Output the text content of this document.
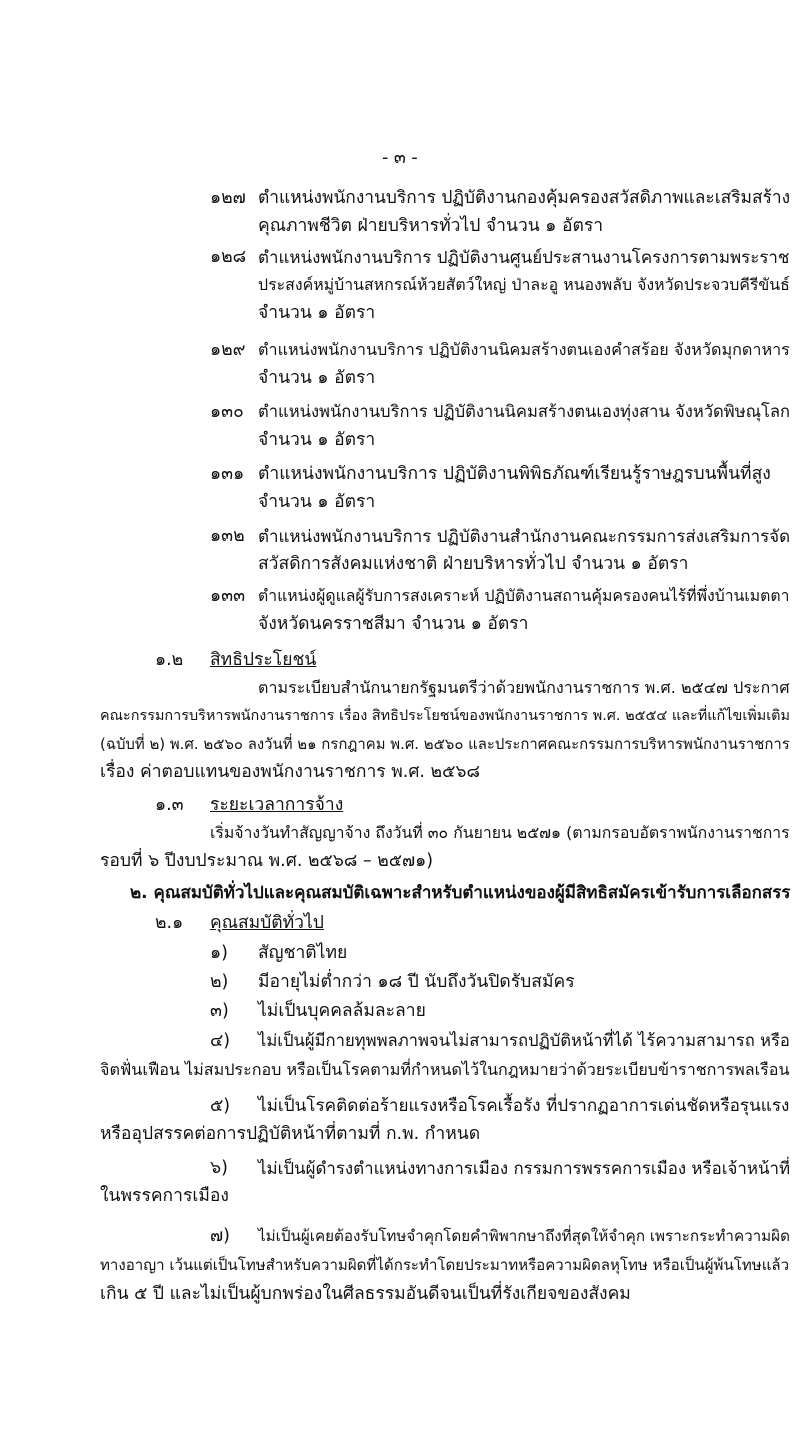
- ๓ -
๑๒๗ ตำแหน่งพนักงานบริการ ปฏิบัติงานกองคุ้มครองสวัสดิภาพและเสริมสร้าง
คุณภาพชีวิต ฝ่ายบริหารทั่วไป จำนวน ๑ อัตรา
๑๒๘ ตำแหน่งพนักงานบริการ ปฏิบัติงานศูนย์ประสานงานโครงการตามพระราช
ประสงค์หมู่บ้านสหกรณ์ห้วยสัตว์ใหญ่ ป่าละอู หนองพลับ จังหวัดประจวบคีรีขันธ์
จำนวน ๑ อัตรา
๑๒๙ ตำแหน่งพนักงานบริการ ปฏิบัติงานนิคมสร้างตนเองคำสร้อย จังหวัดมุกดาหาร
จำนวน ๑ อัตรา
๑๓๐ ตำแหน่งพนักงานบริการ ปฏิบัติงานนิคมสร้างตนเองทุ่งสาน จังหวัดพิษณุโลก
จำนวน ๑ อัตรา
๑๓๑ ตำแหน่งพนักงานบริการ ปฏิบัติงานพิพิธภัณฑ์เรียนรู้ราษฎรบนพื้นที่สูง
จำนวน ๑ อัตรา
๑๓๒ ตำแหน่งพนักงานบริการ ปฏิบัติงานสำนักงานคณะกรรมการส่งเสริมการจัด
สวัสดิการสังคมแห่งชาติ ฝ่ายบริหารทั่วไป จำนวน ๑ อัตรา
๑๓๓ ตำแหน่งผู้ดูแลผู้รับการสงเคราะห์ ปฏิบัติงานสถานคุ้มครองคนไร้ที่พึ่งบ้านเมตตา
จังหวัดนครราชสีมา จำนวน ๑ อัตรา
๑.๒ สิทธิประโยชน์
ตามระเบียบสำนักนายกรัฐมนตรีว่าด้วยพนักงานราชการ พ.ศ. ๒๕๔๗ ประกาศ
คณะกรรมการบริหารพนักงานราชการ เรื่อง สิทธิประโยชน์ของพนักงานราชการ พ.ศ. ๒๕๕๔ และที่แก้ไขเพิ่มเติม
(ฉบับที่ ๒) พ.ศ. ๒๕๖๐ ลงวันที่ ๒๑ กรกฎาคม พ.ศ. ๒๕๖๐ และประกาศคณะกรรมการบริหารพนักงานราชการ
เรื่อง ค่าตอบแทนของพนักงานราชการ พ.ศ. ๒๕๖๘
๑.๓ ระยะเวลาการจ้าง
เริ่มจ้างวันทำสัญญาจ้าง ถึงวันที่ ๓๐ กันยายน ๒๕๗๑ (ตามกรอบอัตราพนักงานราชการ
รอบที่ ๖ ปีงบประมาณ พ.ศ. ๒๕๖๘ – ๒๕๗๑)
๒. คุณสมบัติทั่วไปและคุณสมบัติเฉพาะสำหรับตำแหน่งของผู้มีสิทธิสมัครเข้ารับการเลือกสรร
๒.๑ คุณสมบัติทั่วไป
๑) สัญชาติไทย
๒) มีอายุไม่ต่ำกว่า ๑๘ ปี นับถึงวันปิดรับสมัคร
๓) ไม่เป็นบุคคลล้มละลาย
๔) ไม่เป็นผู้มีกายทุพพลภาพจนไม่สามารถปฏิบัติหน้าที่ได้ ไร้ความสามารถ หรือ
จิตฟั่นเฟือน ไม่สมประกอบ หรือเป็นโรคตามที่กำหนดไว้ในกฎหมายว่าด้วยระเบียบข้าราชการพลเรือน
๕) ไม่เป็นโรคติดต่อร้ายแรงหรือโรคเรื้อรัง ที่ปรากฏอาการเด่นชัดหรือรุนแรง
หรืออุปสรรคต่อการปฏิบัติหน้าที่ตามที่ ก.พ. กำหนด
๖) ไม่เป็นผู้ดำรงตำแหน่งทางการเมือง กรรมการพรรคการเมือง หรือเจ้าหน้าที่
ในพรรคการเมือง
๗) ไม่เป็นผู้เคยต้องรับโทษจำคุกโดยคำพิพากษาถึงที่สุดให้จำคุก เพราะกระทำความผิด
ทางอาญา เว้นแต่เป็นโทษสำหรับความผิดที่ได้กระทำโดยประมาทหรือความผิดลหุโทษ หรือเป็นผู้พ้นโทษแล้ว
เกิน ๕ ปี และไม่เป็นผู้บกพร่องในศีลธรรมอันดีจนเป็นที่รังเกียจของสังคม
